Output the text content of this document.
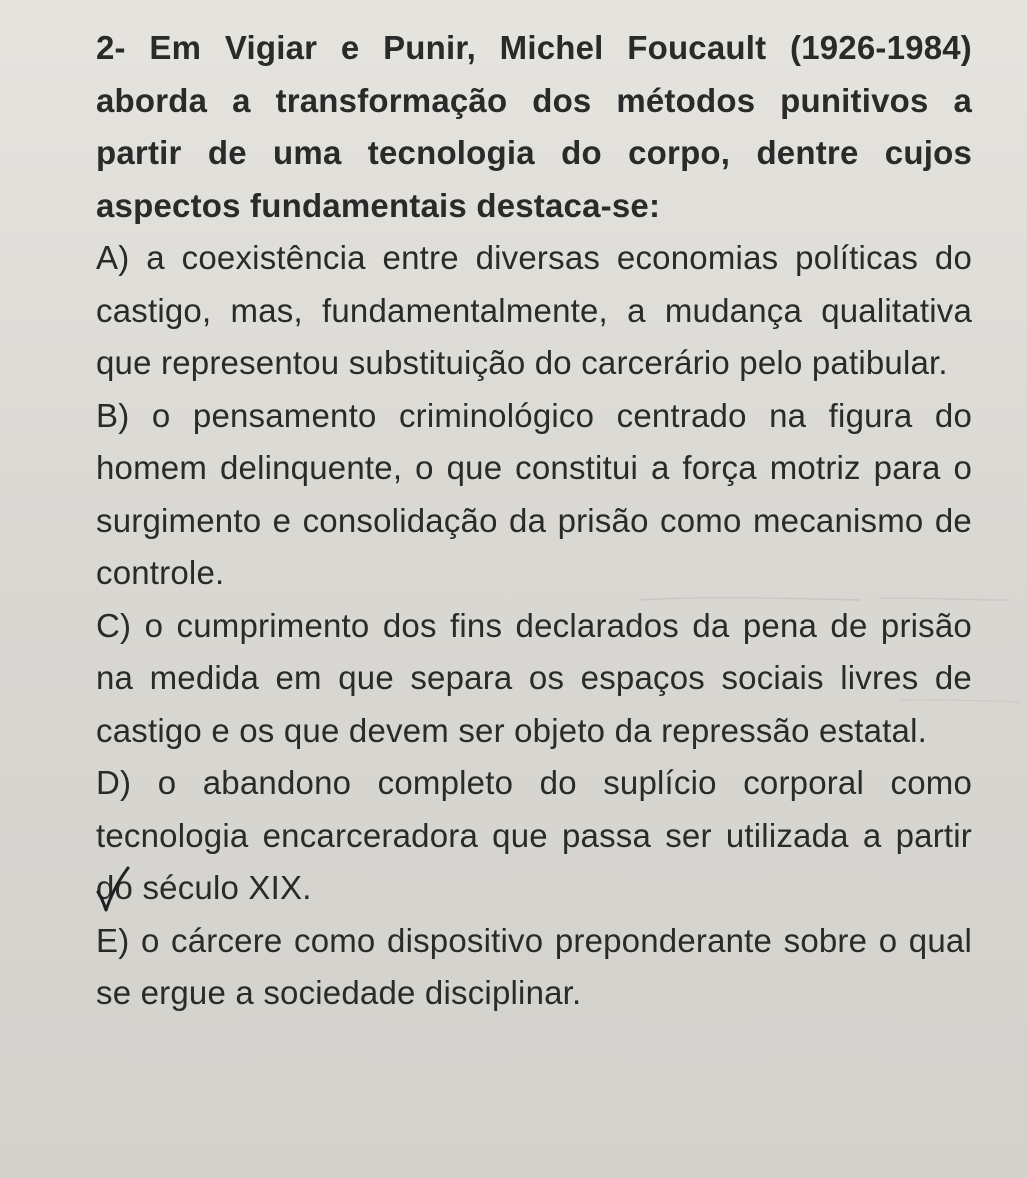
2- Em Vigiar e Punir, Michel Foucault (1926-1984) aborda a transformação dos métodos punitivos a partir de uma tecnologia do corpo, dentre cujos aspectos fundamentais destaca-se:

A) a coexistência entre diversas economias políticas do castigo, mas, fundamentalmente, a mudança qualitativa que representou substituição do carcerário pelo patibular.

B) o pensamento criminológico centrado na figura do homem delinquente, o que constitui a força motriz para o surgimento e consolidação da prisão como mecanismo de controle.

C) o cumprimento dos fins declarados da pena de prisão na medida em que separa os espaços sociais livres de castigo e os que devem ser objeto da repressão estatal.

D) o abandono completo do suplício corporal como tecnologia encarceradora que passa ser utilizada a partir do século XIX.

E) o cárcere como dispositivo preponderante sobre o qual se ergue a sociedade disciplinar.
